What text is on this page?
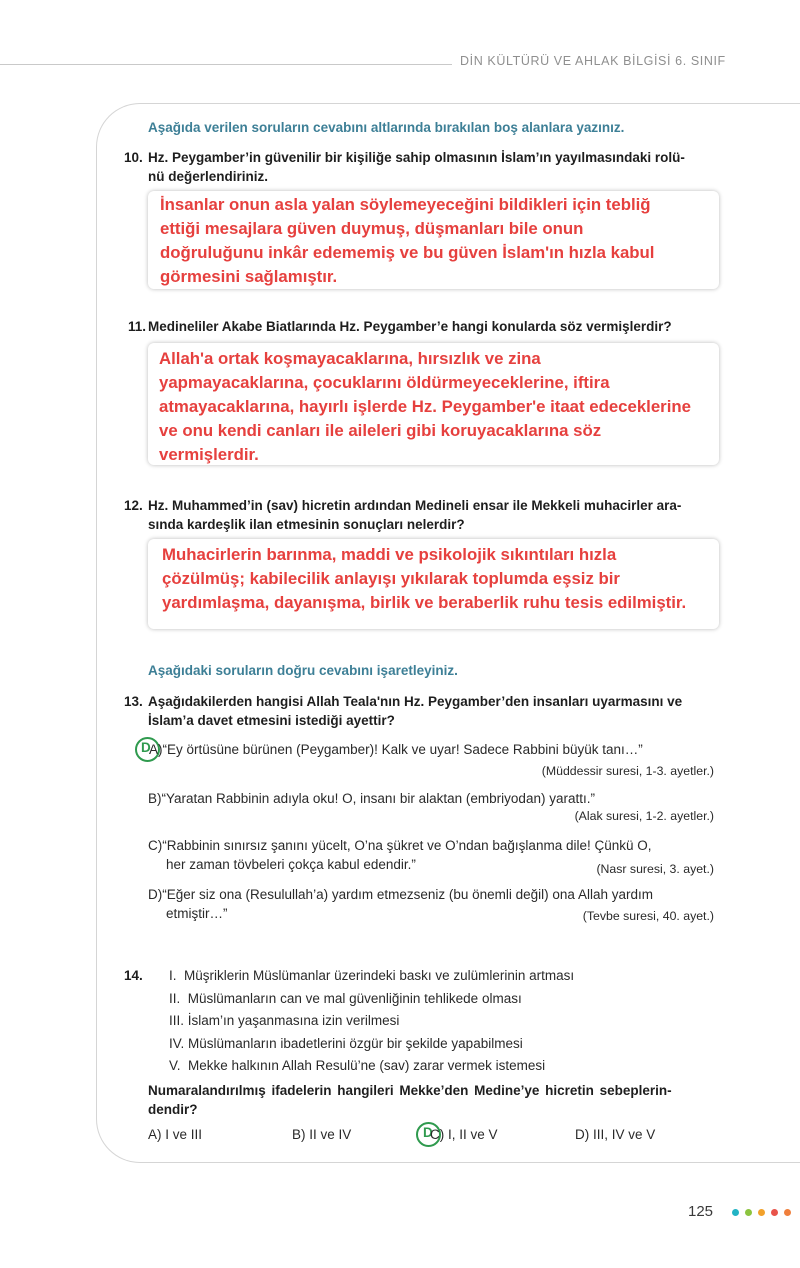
DİN KÜLTÜRÜ VE AHLAK BİLGİSİ 6. SINIF
Aşağıda verilen soruların cevabını altlarında bırakılan boş alanlara yazınız.
10. Hz. Peygamber’in güvenilir bir kişiliğe sahip olmasının İslam’ın yayılmasındaki rolü-
nü değerlendiriniz.
İnsanlar onun asla yalan söylemeyeceğini bildikleri için tebliğ
ettiği mesajlara güven duymuş, düşmanları bile onun
doğruluğunu inkâr edememiş ve bu güven İslam'ın hızla kabul
görmesini sağlamıştır.
11. Medineliler Akabe Biatlarında Hz. Peygamber’e hangi konularda söz vermişlerdir?
Allah'a ortak koşmayacaklarına, hırsızlık ve zina
yapmayacaklarına, çocuklarını öldürmeyeceklerine, iftira
atmayacaklarına, hayırlı işlerde Hz. Peygamber'e itaat edeceklerine
ve onu kendi canları ile aileleri gibi koruyacaklarına söz
vermişlerdir.
12. Hz. Muhammed’in (sav) hicretin ardından Medineli ensar ile Mekkeli muhacirler ara-
sında kardeşlik ilan etmesinin sonuçları nelerdir?
Muhacirlerin barınma, maddi ve psikolojik sıkıntıları hızla
çözülmüş; kabilecilik anlayışı yıkılarak toplumda eşsiz bir
yardımlaşma, dayanışma, birlik ve beraberlik ruhu tesis edilmiştir.
Aşağıdaki soruların doğru cevabını işaretleyiniz.
13. Aşağıdakilerden hangisi Allah Teala'nın Hz. Peygamber’den insanları uyarmasını ve
İslam’a davet etmesini istediği ayettir?
D
A)“Ey örtüsüne bürünen (Peygamber)! Kalk ve uyar! Sadece Rabbini büyük tanı…”
(Müddessir suresi, 1-3. ayetler.)
B)“Yaratan Rabbinin adıyla oku! O, insanı bir alaktan (embriyodan) yarattı.”
(Alak suresi, 1-2. ayetler.)
C)“Rabbinin sınırsız şanını yücelt, O’na şükret ve O’ndan bağışlanma dile! Çünkü O,
her zaman tövbeleri çokça kabul edendir.”	(Nasr suresi, 3. ayet.)
D)“Eğer siz ona (Resulullah’a) yardım etmezseniz (bu önemli değil) ona Allah yardım
etmiştir…”	(Tevbe suresi, 40. ayet.)
14. I. Müşriklerin Müslümanlar üzerindeki baskı ve zulümlerinin artması
II. Müslümanların can ve mal güvenliğinin tehlikede olması
III. İslam’ın yaşanmasına izin verilmesi
IV. Müslümanların ibadetlerini özgür bir şekilde yapabilmesi
V. Mekke halkının Allah Resulü’ne (sav) zarar vermek istemesi
Numaralandırılmış ifadelerin hangileri Mekke’den Medine’ye hicretin sebeplerin-
dendir?
A) I ve III	B) II ve IV	D
C) I, II ve V	D) III, IV ve V
125
